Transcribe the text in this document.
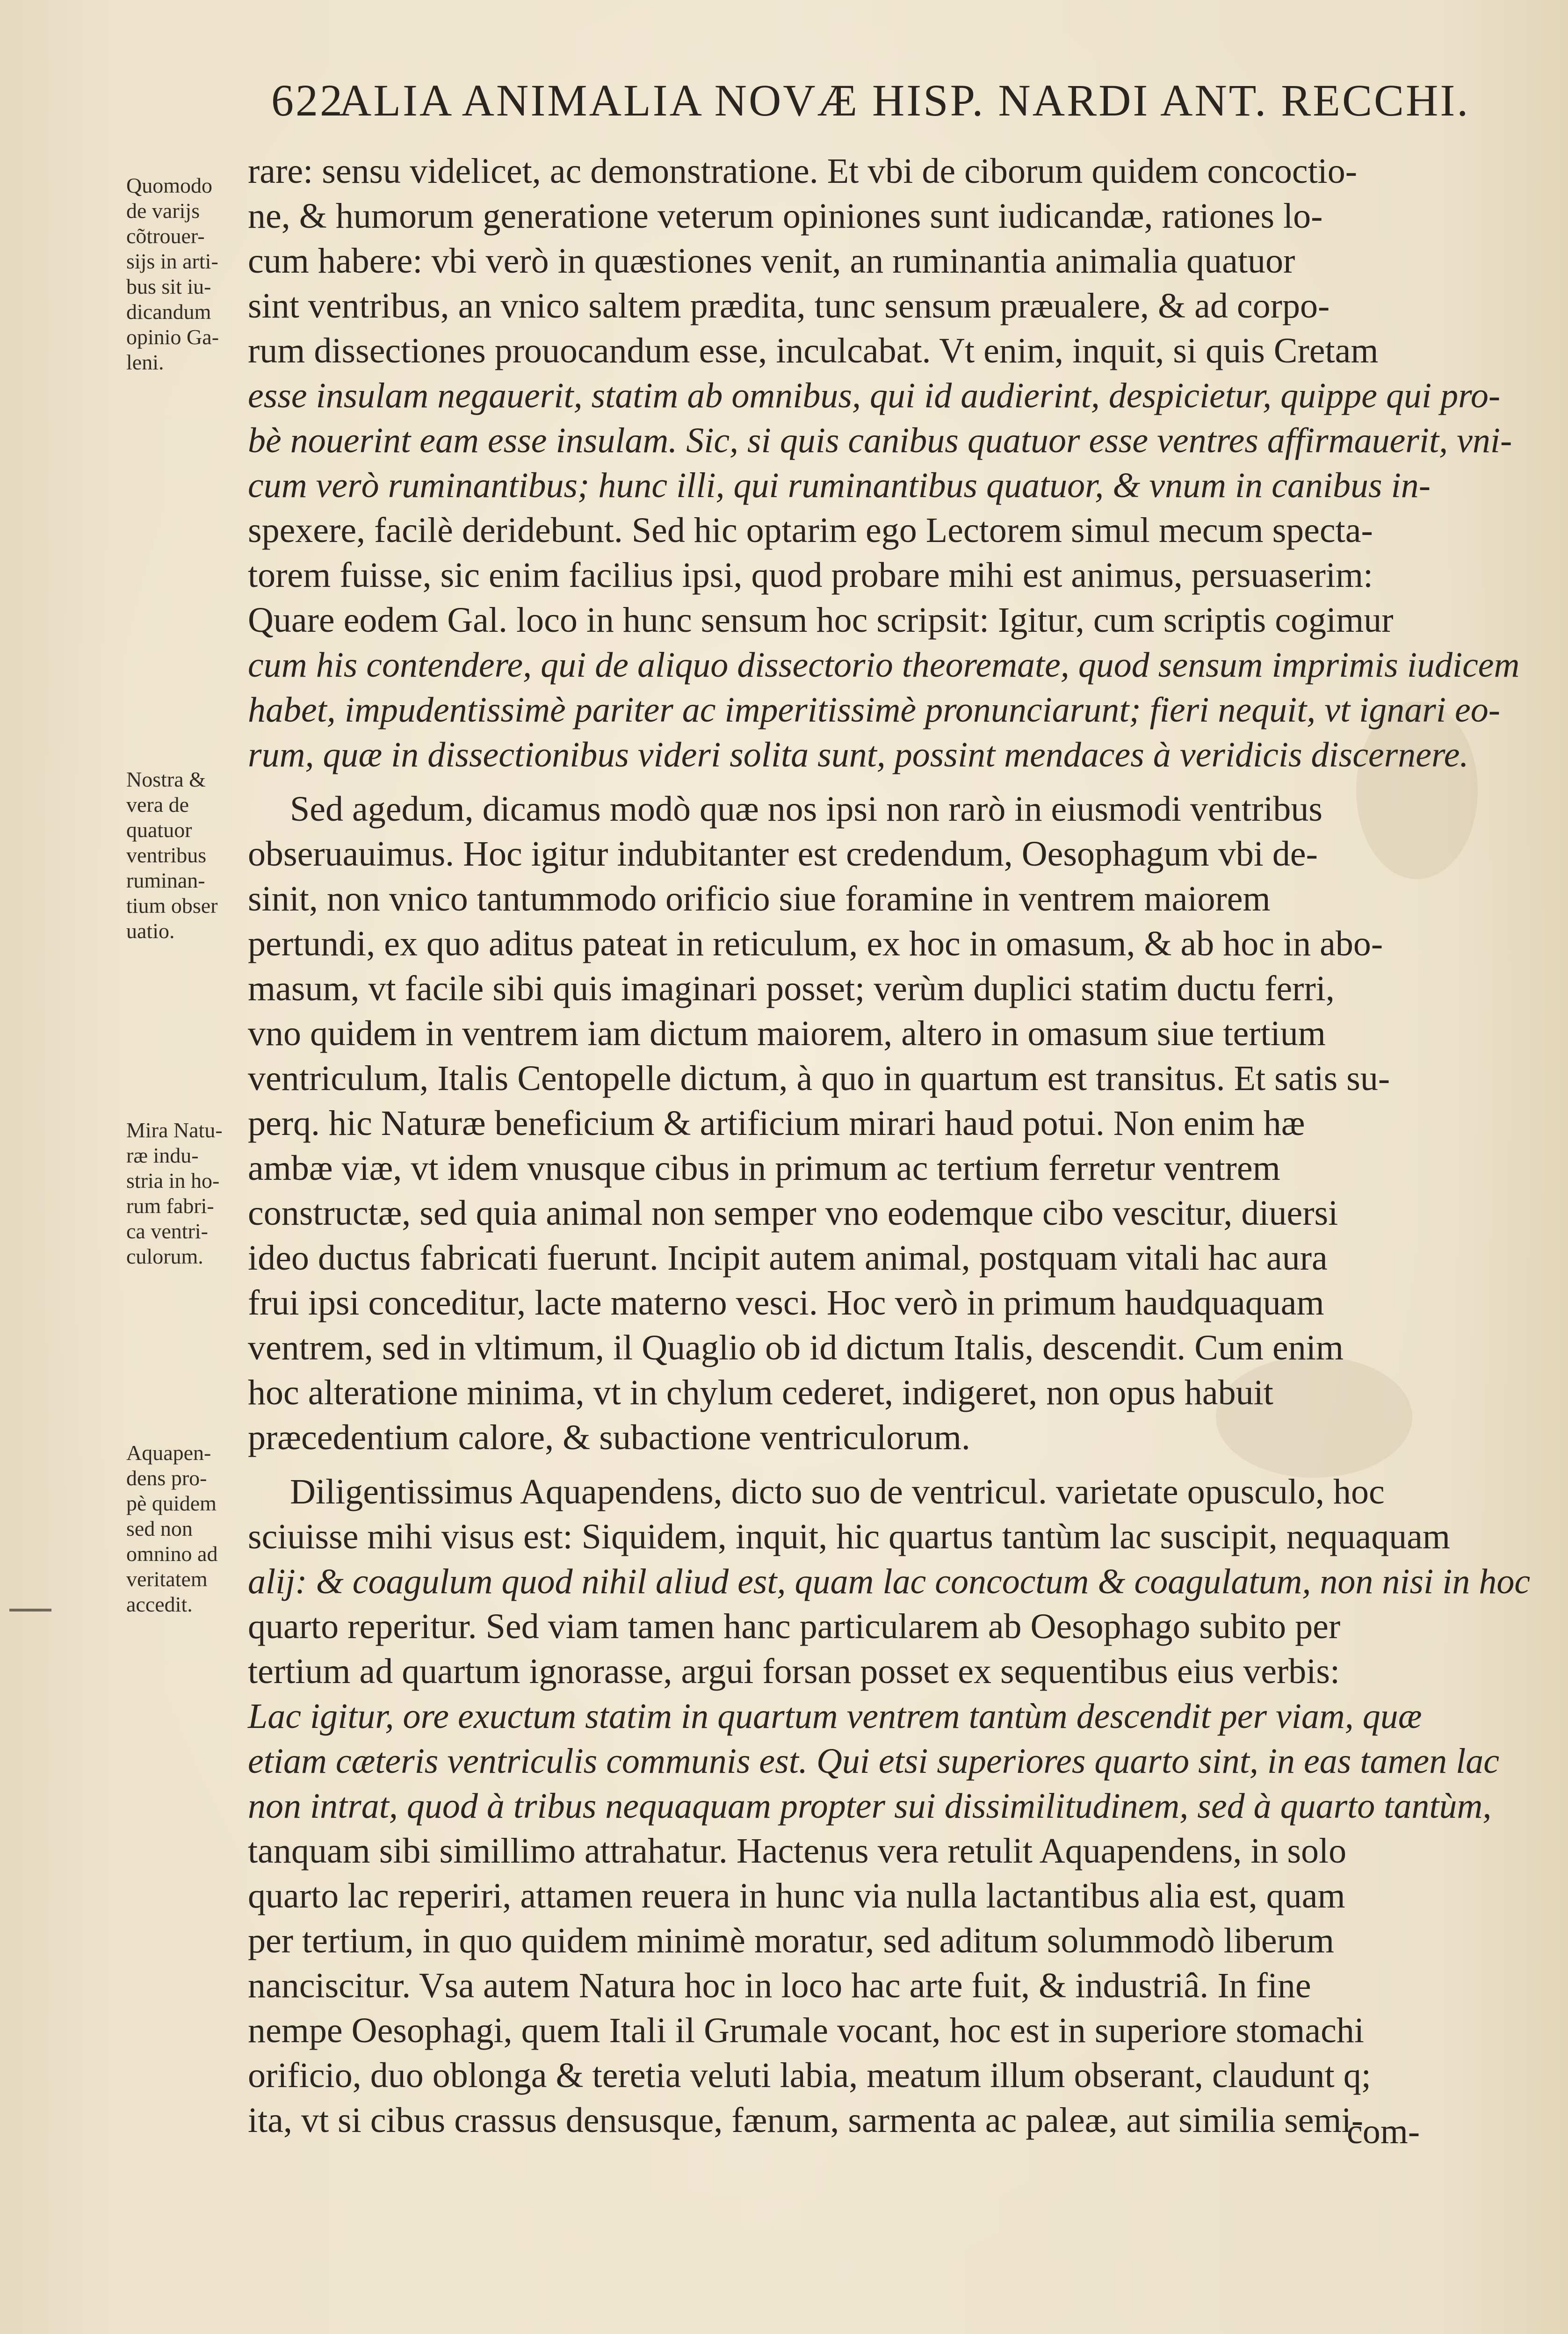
622
ALIA ANIMALIA NOVÆ HISP. NARDI ANT. RECCHI.
Quomodo
de varijs
cõtrouer-
sijs in arti-
bus sit iu-
dicandum
opinio Ga-
leni.
Nostra &
vera de
quatuor
ventribus
ruminan-
tium obser
uatio.
Mira Natu-
ræ indu-
stria in ho-
rum fabri-
ca ventri-
culorum.
Aquapen-
dens pro-
pè quidem
sed non
omnino ad
veritatem
accedit.
rare: sensu videlicet, ac demonstratione. Et vbi de ciborum quidem concoctio-
ne, & humorum generatione veterum opiniones sunt iudicandæ, rationes lo-
cum habere: vbi verò in quæstiones venit, an ruminantia animalia quatuor
sint ventribus, an vnico saltem prædita, tunc sensum præualere, & ad corpo-
rum dissectiones prouocandum esse, inculcabat. Vt enim, inquit, si quis Cretam
esse insulam negauerit, statim ab omnibus, qui id audierint, despicietur, quippe qui pro-
bè nouerint eam esse insulam. Sic, si quis canibus quatuor esse ventres affirmauerit, vni-
cum verò ruminantibus; hunc illi, qui ruminantibus quatuor, & vnum in canibus in-
spexere, facilè deridebunt. Sed hic optarim ego Lectorem simul mecum specta-
torem fuisse, sic enim facilius ipsi, quod probare mihi est animus, persuaserim:
Quare eodem Gal. loco in hunc sensum hoc scripsit: Igitur, cum scriptis cogimur
cum his contendere, qui de aliquo dissectorio theoremate, quod sensum imprimis iudicem
habet, impudentissimè pariter ac imperitissimè pronunciarunt; fieri nequit, vt ignari eo-
rum, quæ in dissectionibus videri solita sunt, possint mendaces à veridicis discernere.
Sed agedum, dicamus modò quæ nos ipsi non rarò in eiusmodi ventribus
obseruauimus. Hoc igitur indubitanter est credendum, Oesophagum vbi de-
sinit, non vnico tantummodo orificio siue foramine in ventrem maiorem
pertundi, ex quo aditus pateat in reticulum, ex hoc in omasum, & ab hoc in abo-
masum, vt facile sibi quis imaginari posset; verùm duplici statim ductu ferri,
vno quidem in ventrem iam dictum maiorem, altero in omasum siue tertium
ventriculum, Italis Centopelle dictum, à quo in quartum est transitus. Et satis su-
perq. hic Naturæ beneficium & artificium mirari haud potui. Non enim hæ
ambæ viæ, vt idem vnusque cibus in primum ac tertium ferretur ventrem
constructæ, sed quia animal non semper vno eodemque cibo vescitur, diuersi
ideo ductus fabricati fuerunt. Incipit autem animal, postquam vitali hac aura
frui ipsi conceditur, lacte materno vesci. Hoc verò in primum haudquaquam
ventrem, sed in vltimum, il Quaglio ob id dictum Italis, descendit. Cum enim
hoc alteratione minima, vt in chylum cederet, indigeret, non opus habuit
præcedentium calore, & subactione ventriculorum.
Diligentissimus Aquapendens, dicto suo de ventricul. varietate opusculo, hoc
sciuisse mihi visus est: Siquidem, inquit, hic quartus tantùm lac suscipit, nequaquam
alij: & coagulum quod nihil aliud est, quam lac concoctum & coagulatum, non nisi in hoc
quarto reperitur. Sed viam tamen hanc particularem ab Oesophago subito per
tertium ad quartum ignorasse, argui forsan posset ex sequentibus eius verbis:
Lac igitur, ore exuctum statim in quartum ventrem tantùm descendit per viam, quæ
etiam cæteris ventriculis communis est. Qui etsi superiores quarto sint, in eas tamen lac
non intrat, quod à tribus nequaquam propter sui dissimilitudinem, sed à quarto tantùm,
tanquam sibi simillimo attrahatur. Hactenus vera retulit Aquapendens, in solo
quarto lac reperiri, attamen reuera in hunc via nulla lactantibus alia est, quam
per tertium, in quo quidem minimè moratur, sed aditum solummodò liberum
nanciscitur. Vsa autem Natura hoc in loco hac arte fuit, & industriâ. In fine
nempe Oesophagi, quem Itali il Grumale vocant, hoc est in superiore stomachi
orificio, duo oblonga & teretia veluti labia, meatum illum obserant, claudunt q;
ita, vt si cibus crassus densusque, fænum, sarmenta ac paleæ, aut similia semi-
com-
